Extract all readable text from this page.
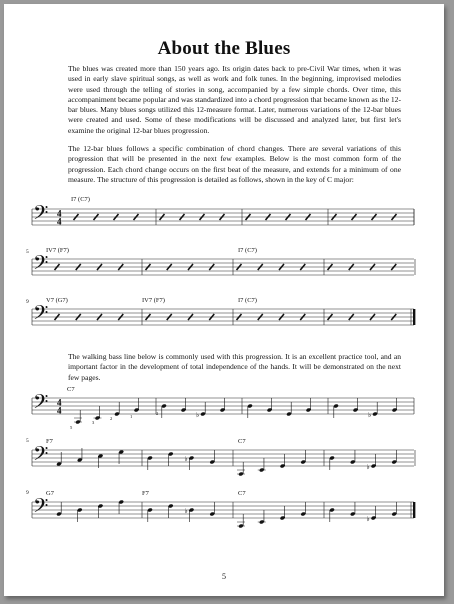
About the Blues

The blues was created more than 150 years ago. Its origin dates back to pre-Civil War times, when it was used in early slave spiritual songs, as well as work and folk tunes. In the beginning, improvised melodies were used through the telling of stories in song, accompanied by a few simple chords. Over time, this accompaniment became popular and was standardized into a chord progression that became known as the 12-bar blues. Many blues songs utilized this 12-measure format. Later, numerous variations of the 12-bar blues were created and used. Some of these modifications will be discussed and analyzed later, but first let's examine the original 12-bar blues progression.

The 12-bar blues follows a specific combination of chord changes. There are several variations of this progression that will be presented in the next few examples. Below is the most common form of the progression. Each chord change occurs on the first beat of the measure, and extends for a minimum of one measure. The structure of this progression is detailed as follows, shown in the key of C major:

𝄢 4
4
I7 (C7)
𝄢
5	IV7 (F7)	I7 (C7)
𝄢
9	V7 (G7)	IV7 (F7)	I7 (C7)

The walking bass line below is commonly used with this progression. It is an excellent practice tool, and an important factor in the development of total independence of the hands. It will be demonstrated on the next few pages.

𝄢 4
4
C7
5
3
2	1
2	♭	♭
𝄢
5	F7	C7
♭
♭
𝄢
9	G7	F7	C7
♭
♭
5
